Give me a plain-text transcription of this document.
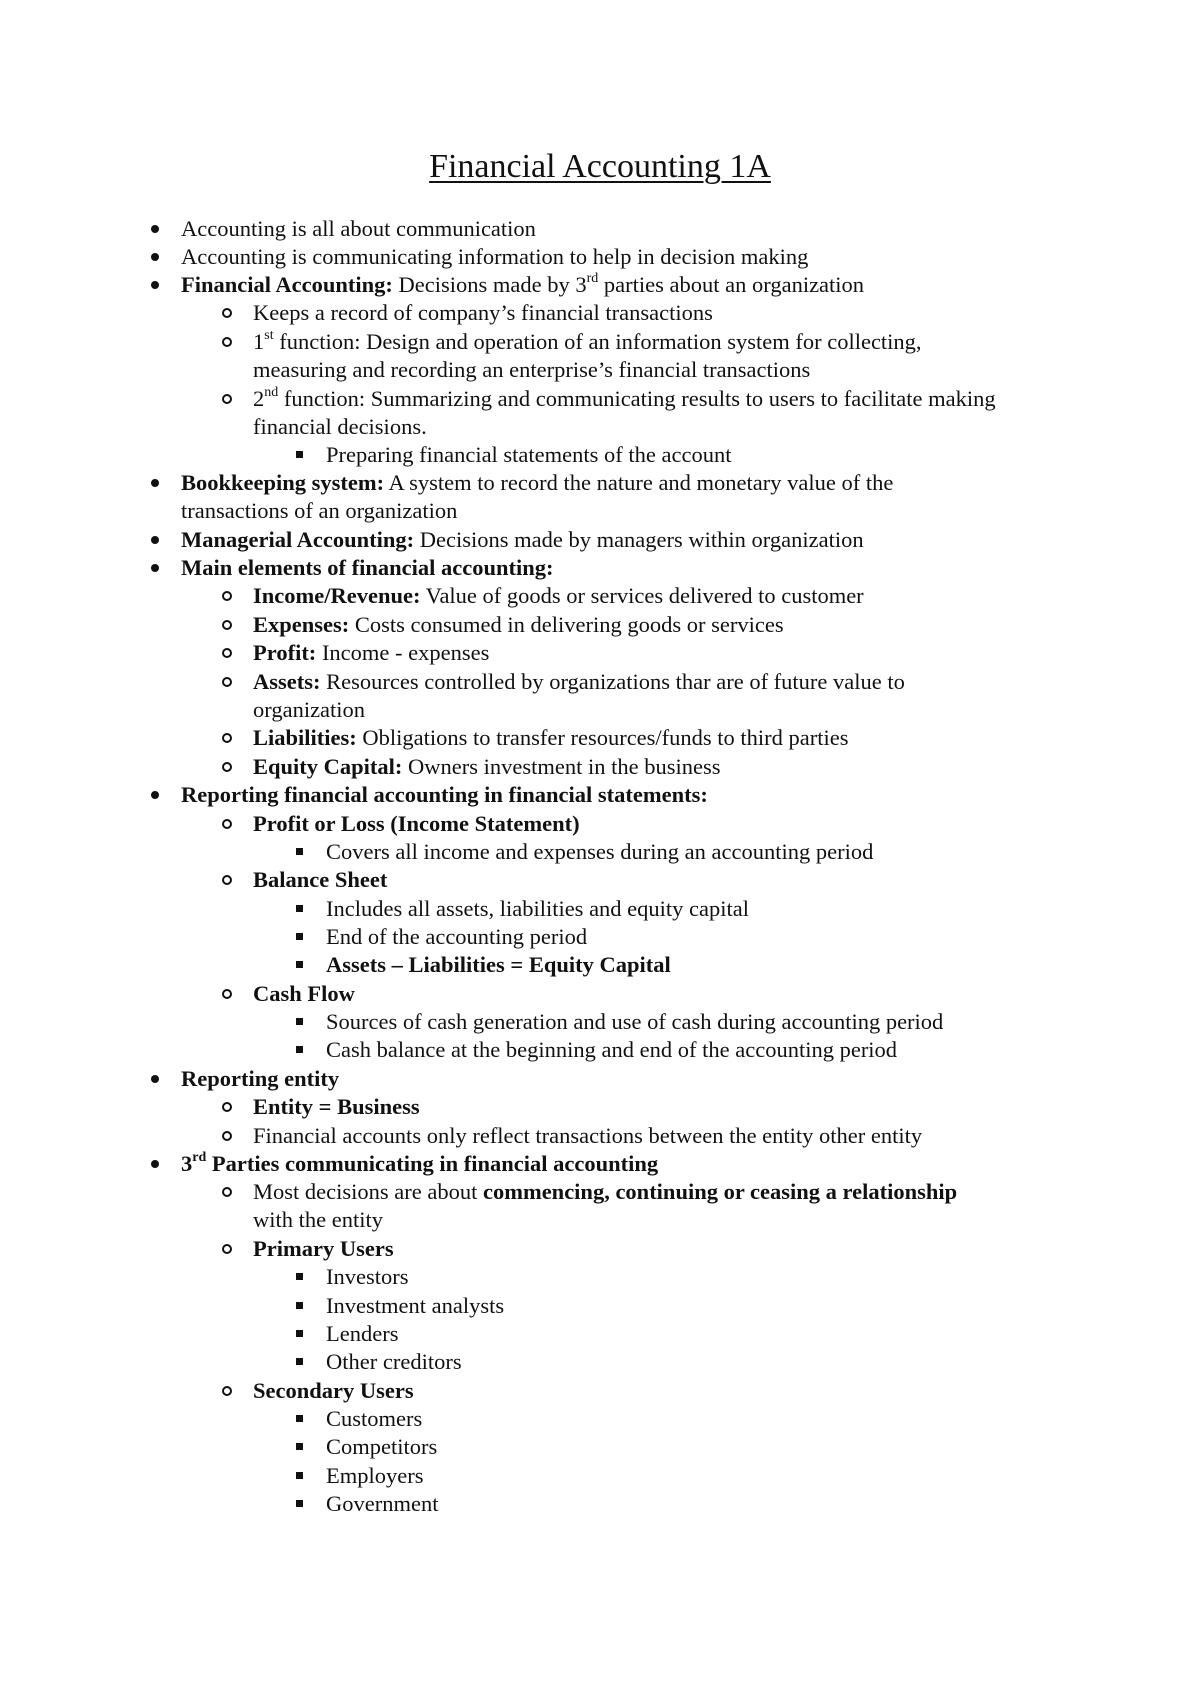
Financial Accounting 1A
Accounting is all about communication
Accounting is communicating information to help in decision making
Financial Accounting: Decisions made by 3rd parties about an organization
Keeps a record of company’s financial transactions
1st function: Design and operation of an information system for collecting,
measuring and recording an enterprise’s financial transactions
2nd function: Summarizing and communicating results to users to facilitate making
financial decisions.
Preparing financial statements of the account
Bookkeeping system: A system to record the nature and monetary value of the
transactions of an organization
Managerial Accounting: Decisions made by managers within organization
Main elements of financial accounting:
Income/Revenue: Value of goods or services delivered to customer
Expenses: Costs consumed in delivering goods or services
Profit: Income - expenses
Assets: Resources controlled by organizations thar are of future value to
organization
Liabilities: Obligations to transfer resources/funds to third parties
Equity Capital: Owners investment in the business
Reporting financial accounting in financial statements:
Profit or Loss (Income Statement)
Covers all income and expenses during an accounting period
Balance Sheet
Includes all assets, liabilities and equity capital
End of the accounting period
Assets – Liabilities = Equity Capital
Cash Flow
Sources of cash generation and use of cash during accounting period
Cash balance at the beginning and end of the accounting period
Reporting entity
Entity = Business
Financial accounts only reflect transactions between the entity other entity
3rd Parties communicating in financial accounting
Most decisions are about commencing, continuing or ceasing a relationship
with the entity
Primary Users
Investors
Investment analysts
Lenders
Other creditors
Secondary Users
Customers
Competitors
Employers
Government
